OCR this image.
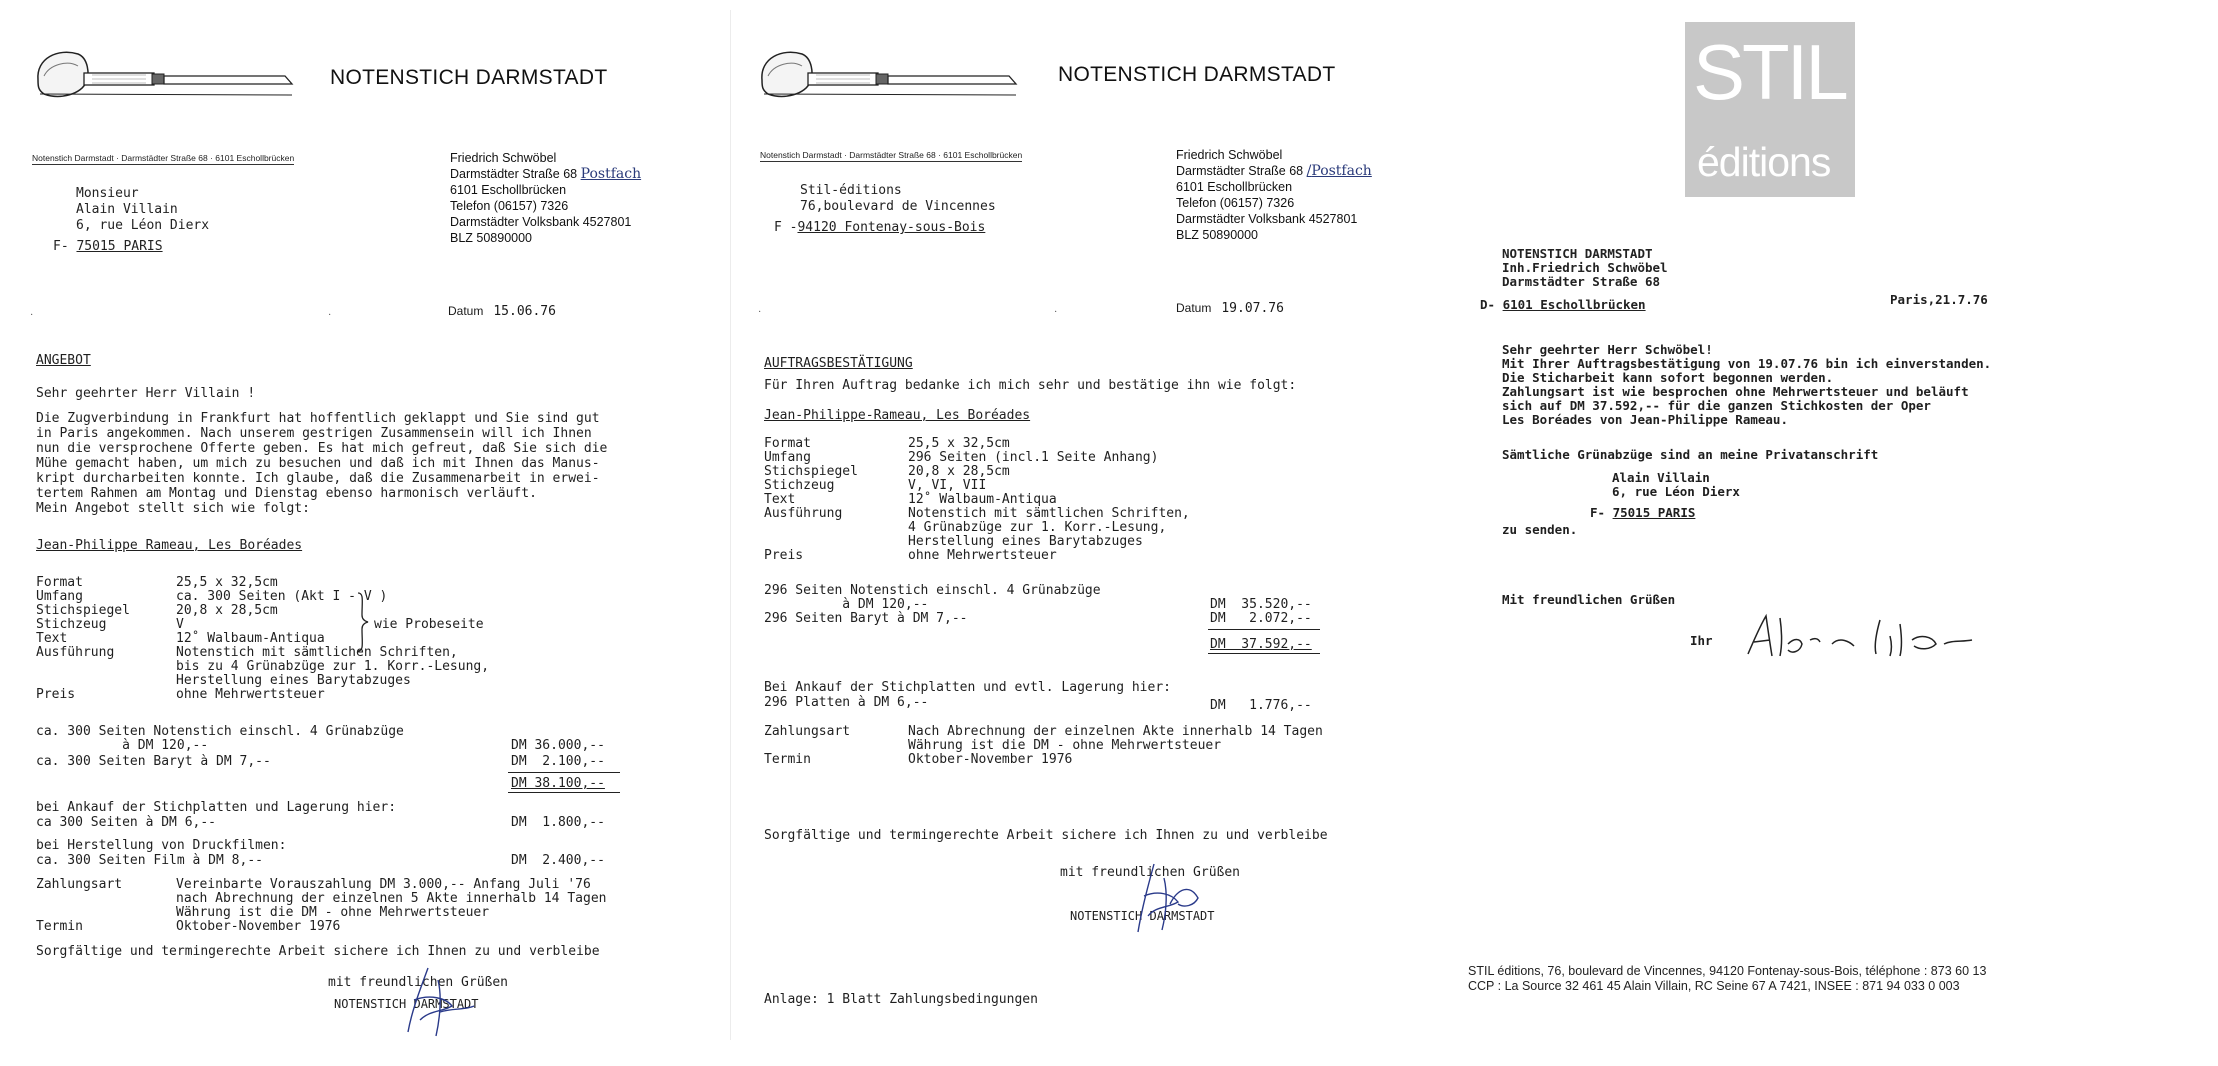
NOTENSTICH DARMSTADT
Notenstich Darmstadt · Darmstädter Straße 68 · 6101 Eschollbrücken	Friedrich Schwöbel
Darmstädter Straße 68 Postfach
6101 Eschollbrücken
Telefon (06157) 7326
Darmstädter Volksbank 4527801
BLZ 50890000
Monsieur
Alain Villain
6, rue Léon Dierx
F- 75015 PARIS
·	·	Datum 15.06.76
ANGEBOT
Sehr geehrter Herr Villain !
Die Zugverbindung in Frankfurt hat hoffentlich geklappt und Sie sind gut
in Paris angekommen. Nach unserem gestrigen Zusammensein will ich Ihnen
nun die versprochene Offerte geben. Es hat mich gefreut, daß Sie sich die
Mühe gemacht haben, um mich zu besuchen und daß ich mit Ihnen das Manus-
kript durcharbeiten konnte. Ich glaube, daß die Zusammenarbeit in erwei-
tertem Rahmen am Montag und Dienstag ebenso harmonisch verläuft.
Mein Angebot stellt sich wie folgt:
Jean-Philippe Rameau, Les Boréades
Format	25,5 x 32,5cm
Umfang	ca. 300 Seiten (Akt I - V )
Stichspiegel	20,8 x 28,5cm
Stichzeug	V
Text	12˚ Walbaum-Antiqua
Ausführung	Notenstich mit sämtlichen Schriften,
bis zu 4 Grünabzüge zur 1. Korr.-Lesung,
Herstellung eines Barytabzuges
Preis	ohne Mehrwertsteuer
wie Probeseite
ca. 300 Seiten Notenstich einschl. 4 Grünabzüge
à DM 120,--	DM 36.000,--
ca. 300 Seiten Baryt à DM 7,--	DM  2.100,--
DM 38.100,--
bei Ankauf der Stichplatten und Lagerung hier:
ca 300 Seiten à DM 6,--	DM  1.800,--
bei Herstellung von Druckfilmen:
ca. 300 Seiten Film à DM 8,--	DM  2.400,--
Zahlungsart	Vereinbarte Vorauszahlung DM 3.000,-- Anfang Juli '76
nach Abrechnung der einzelnen 5 Akte innerhalb 14 Tagen
Währung ist die DM - ohne Mehrwertsteuer
Termin	Oktober-November 1976
Sorgfältige und termingerechte Arbeit sichere ich Ihnen zu und verbleibe
mit freundlichen Grüßen
NOTENSTICH DARMSTADT
NOTENSTICH DARMSTADT
Notenstich Darmstadt · Darmstädter Straße 68 · 6101 Eschollbrücken	Friedrich Schwöbel
Darmstädter Straße 68 /Postfach
6101 Eschollbrücken
Telefon (06157) 7326
Darmstädter Volksbank 4527801
BLZ 50890000
Stil-éditions
76,boulevard de Vincennes
F -94120 Fontenay-sous-Bois
·	·	Datum 19.07.76
AUFTRAGSBESTÄTIGUNG
Für Ihren Auftrag bedanke ich mich sehr und bestätige ihn wie folgt:
Jean-Philippe-Rameau, Les Boréades
Format	25,5 x 32,5cm
Umfang	296 Seiten (incl.1 Seite Anhang)
Stichspiegel	20,8 x 28,5cm
Stichzeug	V, VI, VII
Text	12˚ Walbaum-Antiqua
Ausführung	Notenstich mit sämtlichen Schriften,
4 Grünabzüge zur 1. Korr.-Lesung,
Herstellung eines Barytabzuges
Preis	ohne Mehrwertsteuer
296 Seiten Notenstich einschl. 4 Grünabzüge
à DM 120,--	DM  35.520,--
296 Seiten Baryt à DM 7,--	DM   2.072,--
DM  37.592,--
Bei Ankauf der Stichplatten und evtl. Lagerung hier:
296 Platten à DM 6,--	DM   1.776,--
Zahlungsart	Nach Abrechnung der einzelnen Akte innerhalb 14 Tagen
Währung ist die DM - ohne Mehrwertsteuer
Termin	Oktober-November 1976
Sorgfältige und termingerechte Arbeit sichere ich Ihnen zu und verbleibe
mit freundlichen Grüßen
NOTENSTICH DARMSTADT
Anlage: 1 Blatt Zahlungsbedingungen
STIL
éditions
NOTENSTICH DARMSTADT
Inh.Friedrich Schwöbel
Darmstädter Straße 68
D- 6101 Eschollbrücken	Paris,21.7.76
Sehr geehrter Herr Schwöbel!
Mit Ihrer Auftragsbestätigung von 19.07.76 bin ich einverstanden.
Die Sticharbeit kann sofort begonnen werden.
Zahlungsart ist wie besprochen ohne Mehrwertsteuer und beläuft
sich auf DM 37.592,-- für die ganzen Stichkosten der Oper
Les Boréades von Jean-Philippe Rameau.
Sämtliche Grünabzüge sind an meine Privatanschrift
Alain Villain
6, rue Léon Dierx
F- 75015 PARIS
zu senden.
Mit freundlichen Grüßen
Ihr
STIL éditions, 76, boulevard de Vincennes, 94120 Fontenay-sous-Bois, téléphone : 873 60 13
CCP : La Source 32 461 45 Alain Villain, RC Seine 67 A 7421, INSEE : 871 94 033 0 003
